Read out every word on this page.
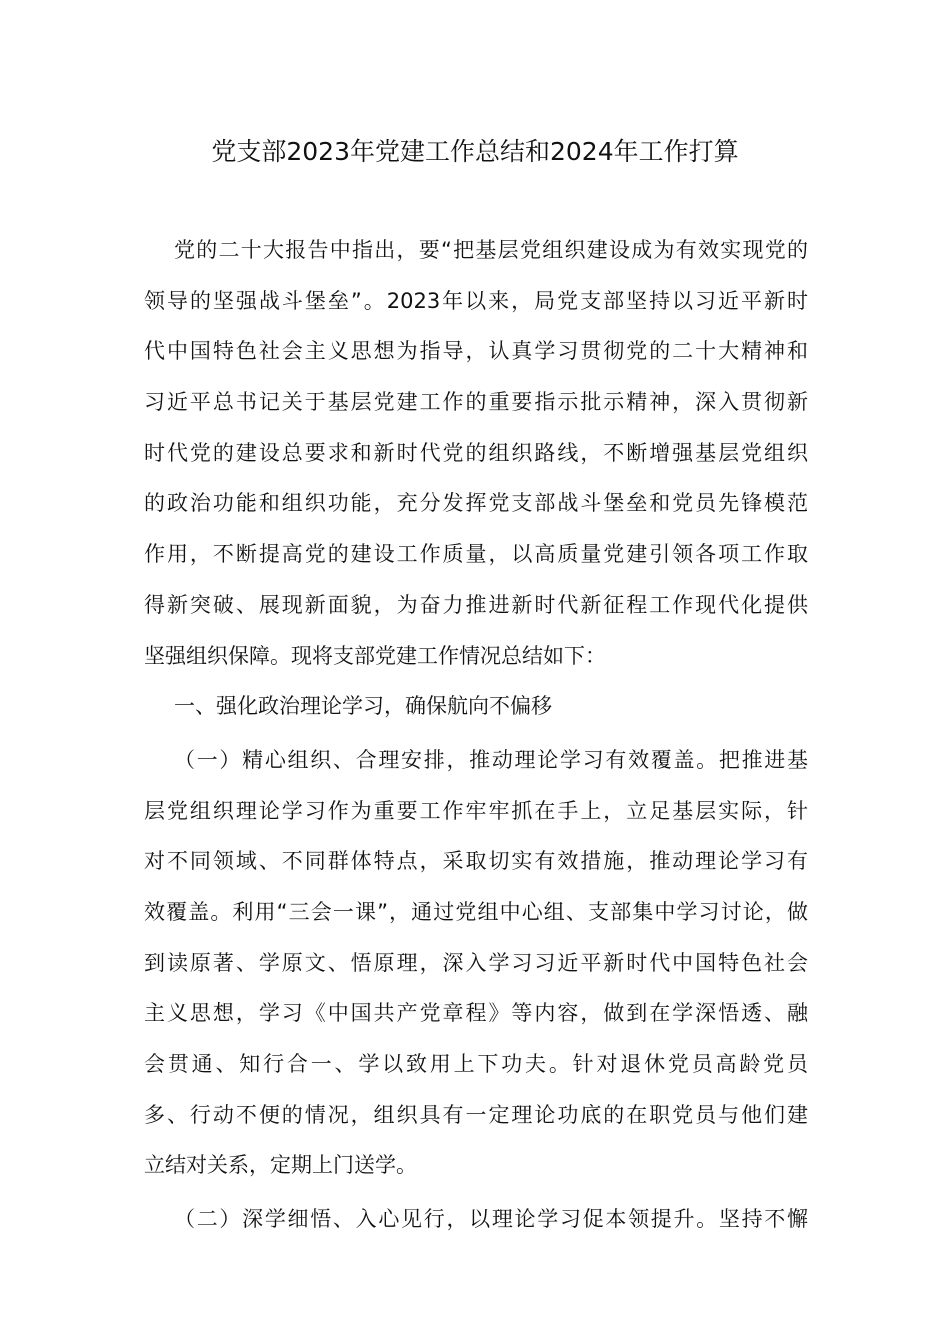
党支部2023年党建工作总结和2024年工作打算
党的二十大报告中指出，要“把基层党组织建设成为有效实现党的
领导的坚强战斗堡垒”。2023年以来，局党支部坚持以习近平新时
代中国特色社会主义思想为指导，认真学习贯彻党的二十大精神和
习近平总书记关于基层党建工作的重要指示批示精神，深入贯彻新
时代党的建设总要求和新时代党的组织路线，不断增强基层党组织
的政治功能和组织功能，充分发挥党支部战斗堡垒和党员先锋模范
作用，不断提高党的建设工作质量，以高质量党建引领各项工作取
得新突破、展现新面貌，为奋力推进新时代新征程工作现代化提供
坚强组织保障。现将支部党建工作情况总结如下：
一、强化政治理论学习，确保航向不偏移
（一）精心组织、合理安排，推动理论学习有效覆盖。把推进基
层党组织理论学习作为重要工作牢牢抓在手上，立足基层实际，针
对不同领域、不同群体特点，采取切实有效措施，推动理论学习有
效覆盖。利用“三会一课”，通过党组中心组、支部集中学习讨论，做
到读原著、学原文、悟原理，深入学习习近平新时代中国特色社会
主义思想，学习《中国共产党章程》等内容，做到在学深悟透、融
会贯通、知行合一、学以致用上下功夫。针对退休党员高龄党员
多、行动不便的情况，组织具有一定理论功底的在职党员与他们建
立结对关系，定期上门送学。
（二）深学细悟、入心见行，以理论学习促本领提升。坚持不懈
